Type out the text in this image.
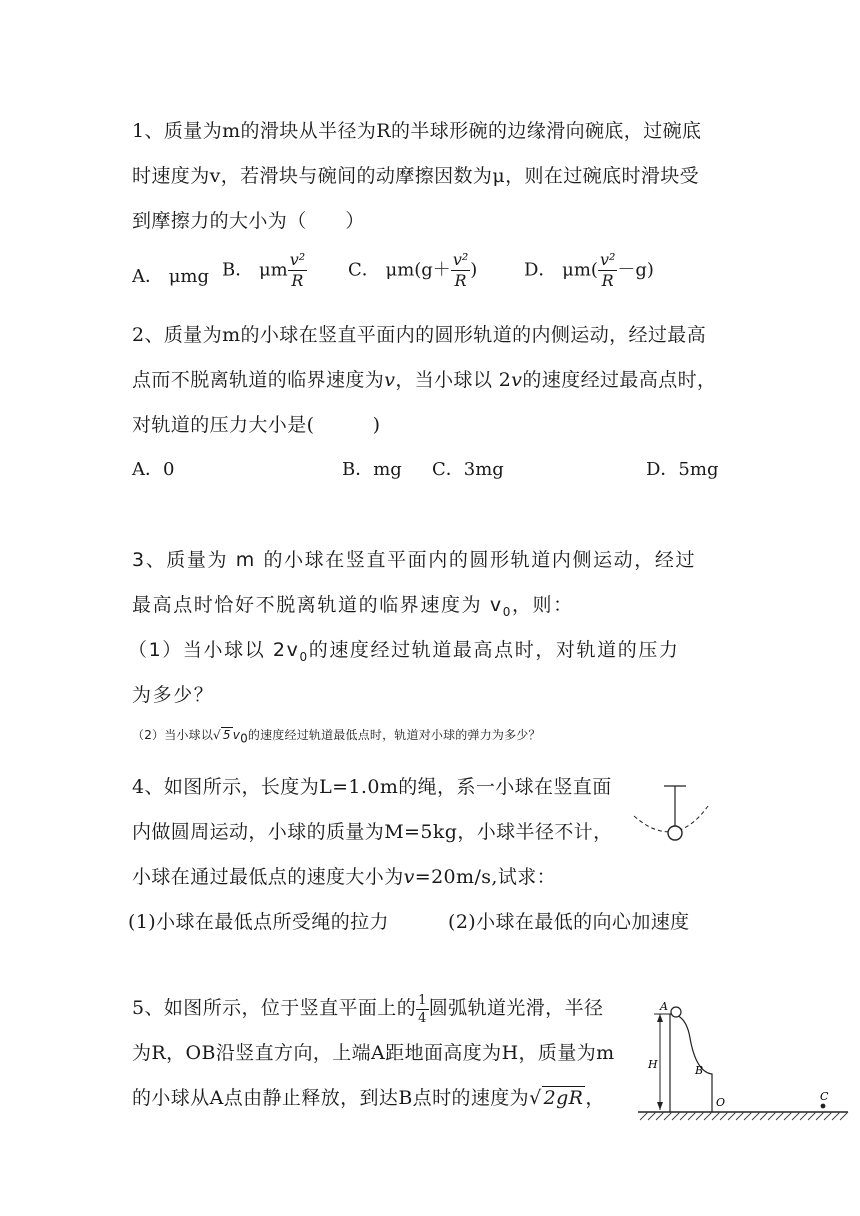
1、质量为m的滑块从半径为R的半球形碗的边缘滑向碗底，过碗底
时速度为v，若滑块与碗间的动摩擦因数为μ，则在过碗底时滑块受
到摩擦力的大小为（　　）
A． μmg B． μm $\frac{\text{v²}}{R}$ C． $\mu m(g+ \frac{\text{v²}}{R}$ )	D． $\mu m( \frac{\text{v²}}{R} -g)$
2、质量为m的小球在竖直平面内的圆形轨道的内侧运动，经过最高
点而不脱离轨道的临界速度为v，当小球以 2v的速度经过最高点时，
对轨道的压力大小是(　　　)
A．0	B．mg C．3mg	D．5mg
3、质量为 m 的小球在竖直平面内的圆形轨道内侧运动，经过
最高点时恰好不脱离轨道的临界速度为 $v_0$，则：
（1）当小球以 $2v_0$的速度经过轨道最高点时，对轨道的压力
为多少？
（2）当小球以√ 5 $v_0$的速度经过轨道最低点时，轨道对小球的弹力为多少？
4、如图所示，长度为L=1.0m的绳，系一小球在竖直面
内做圆周运动，小球的质量为M=5kg，小球半径不计，
小球在通过最低点的速度大小为v=20m/s,试求：
(1)小球在最低点所受绳的拉力	(2)小球在最低的向心加速度
5、如图所示，位于竖直平面上的 $\frac{1}{4}$ 圆弧轨道光滑，半径
为R，OB沿竖直方向，上端A距地面高度为H，质量为m
的小球从A点由静止释放，到达B点时的速度为√ 2gR ，
A
H	B
O	C
